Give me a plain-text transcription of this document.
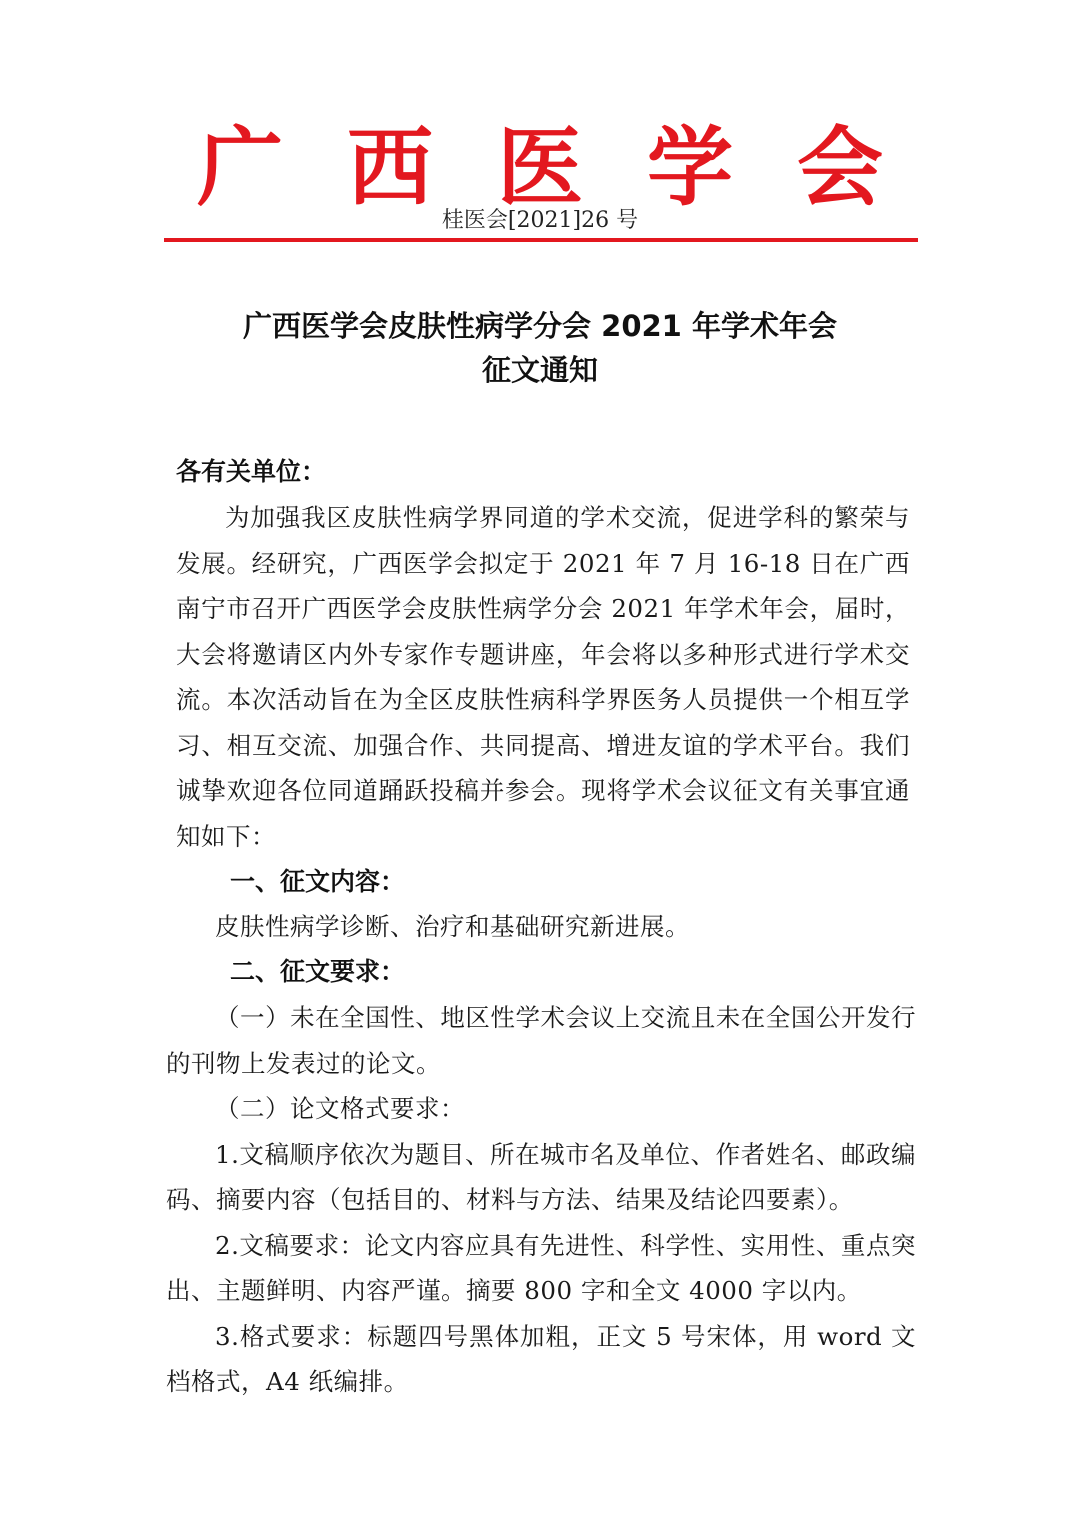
广 西 医 学 会
桂医会[2021]26 号
广西医学会皮肤性病学分会 2021 年学术年会
征文通知
各有关单位：

为加强我区皮肤性病学界同道的学术交流，促进学科的繁荣与发展。经研究，广西医学会拟定于 2021 年 7 月 16-18 日在广西南宁市召开广西医学会皮肤性病学分会 2021 年学术年会，届时，大会将邀请区内外专家作专题讲座，年会将以多种形式进行学术交流。本次活动旨在为全区皮肤性病科学界医务人员提供一个相互学习、相互交流、加强合作、共同提高、增进友谊的学术平台。我们诚挚欢迎各位同道踊跃投稿并参会。现将学术会议征文有关事宜通知如下：

一、征文内容：

皮肤性病学诊断、治疗和基础研究新进展。

二、征文要求：

（一）未在全国性、地区性学术会议上交流且未在全国公开发行的刊物上发表过的论文。

（二）论文格式要求：

1.文稿顺序依次为题目、所在城市名及单位、作者姓名、邮政编码、摘要内容（包括目的、材料与方法、结果及结论四要素）。

2.文稿要求：论文内容应具有先进性、科学性、实用性、重点突出、主题鲜明、内容严谨。摘要 800 字和全文 4000 字以内。

3.格式要求：标题四号黑体加粗，正文 5 号宋体，用 word 文档格式，A4 纸编排。
